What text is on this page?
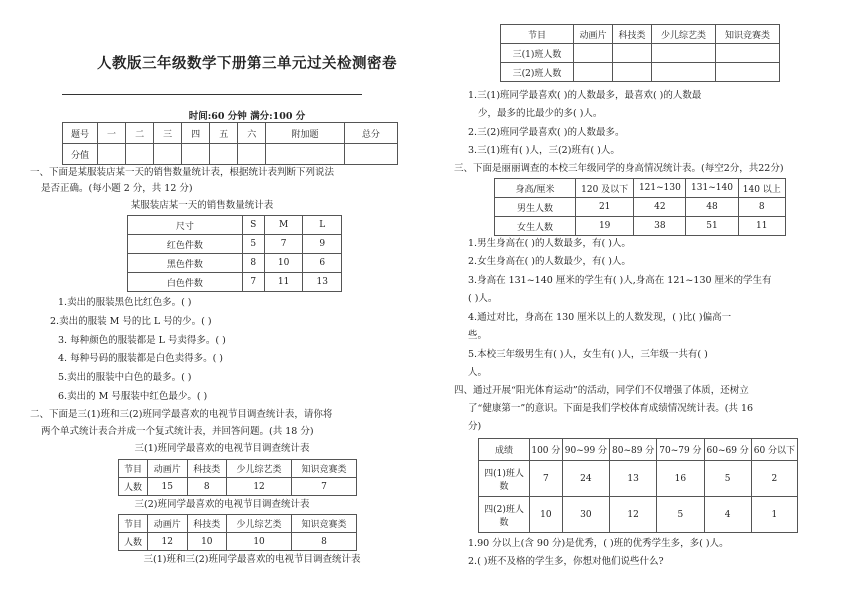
人教版三年级数学下册第三单元过关检测密卷
时间:60 分钟 满分:100 分
题号	一	二	三	四	五	六	附加题	总分
分值								
一、下面是某服装店某一天的销售数量统计表，根据统计表判断下列说法
是否正确。(每小题 2 分，共 12 分)
某服装店某一天的销售数量统计表
尺寸	S	M	L
红色件数	5	7	9
黑色件数	8	10	6
白色件数	7	11	13
1.卖出的服装黑色比红色多。( )
2.卖出的服装 M 号的比 L 号的少。( )
3. 每种颜色的服装都是 L 号卖得多。( )
4. 每种号码的服装都是白色卖得多。( )
5.卖出的服装中白色的最多。( )
6.卖出的 M 号服装中红色最少。( )
二、下面是三(1)班和三(2)班同学最喜欢的电视节目调查统计表，请你将
两个单式统计表合并成一个复式统计表，并回答问题。(共 18 分)
三(1)班同学最喜欢的电视节目调查统计表
节目	动画片	科技类	少儿综艺类	知识竞赛类
人数	15	8	12	7
三(2)班同学最喜欢的电视节目调查统计表
节目	动画片	科技类	少儿综艺类	知识竞赛类
人数	12	10	10	8
三(1)班和三(2)班同学最喜欢的电视节目调查统计表
节目	动画片	科技类	少儿综艺类	知识竞赛类
三(1)班人数				
三(2)班人数				
1.三(1)班同学最喜欢( )的人数最多，最喜欢( )的人数最
少，最多的比最少的多( )人。
2.三(2)班同学最喜欢( )的人数最多。
3.三(1)班有( )人，三(2)班有( )人。
三、下面是丽丽调查的本校三年级同学的身高情况统计表。(每空2分，共22分)
身高/厘米	120 及以下	121~130	131~140	140 以上
男生人数	21	42	48	8
女生人数	19	38	51	11
1.男生身高在( )的人数最多，有( )人。
2.女生身高在( )的人数最少，有( )人。
3.身高在 131~140 厘米的学生有( )人,身高在 121~130 厘米的学生有
( )人。
4.通过对比，身高在 130 厘米以上的人数发现，( )比( )偏高一
些。
5.本校三年级男生有( )人，女生有( )人，三年级一共有( )
人。
四、通过开展“阳光体育运动”的活动，同学们不仅增强了体质，还树立
了“健康第一”的意识。下面是我们学校体育成绩情况统计表。(共 16
分)
成绩	100 分	90~99 分	80~89 分	70~79 分	60~69 分	60 分以下
四(1)班人
数	7	24	13	16	5	2
四(2)班人
数	10	30	12	5	4	1
1.90 分以上(含 90 分)是优秀，( )班的优秀学生多，多( )人。
2.( )班不及格的学生多，你想对他们说些什么?
